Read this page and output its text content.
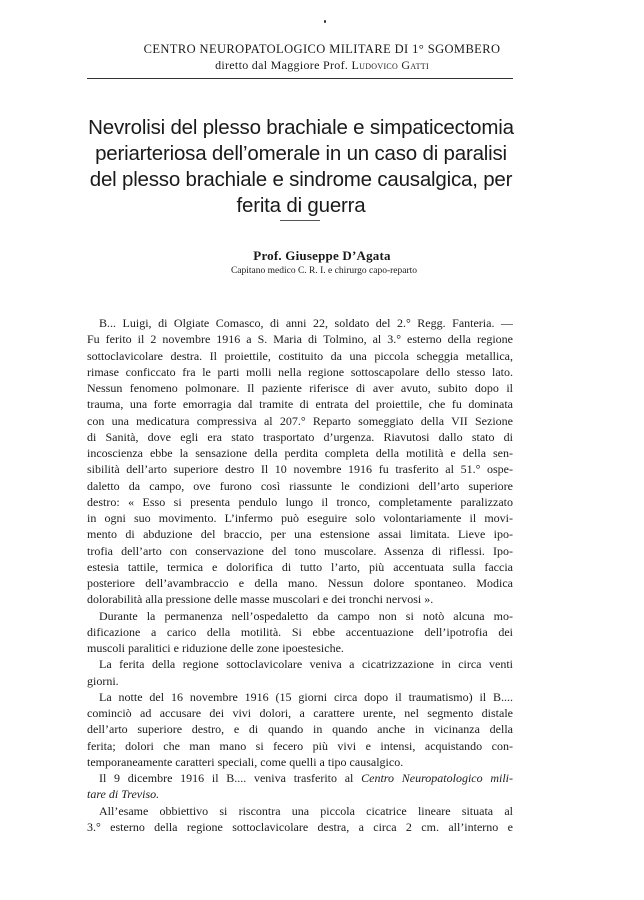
CENTRO NEUROPATOLOGICO MILITARE DI 1° SGOMBERO
diretto dal Maggiore Prof. Ludovico Gatti
Nevrolisi del plesso brachiale e simpaticectomia
periarteriosa dell’omerale in un caso di paralisi
del plesso brachiale e sindrome causalgica, per
ferita di guerra
Prof. Giuseppe D’Agata
Capitano medico C. R. I. e chirurgo capo-reparto
B... Luigi, di Olgiate Comasco, di anni 22, soldato del 2.° Regg. Fanteria. —
Fu ferito il 2 novembre 1916 a S. Maria di Tolmino, al 3.° esterno della regione
sottoclavicolare destra. Il proiettile, costituito da una piccola scheggia metallica,
rimase conficcato fra le parti molli nella regione sottoscapolare dello stesso lato.
Nessun fenomeno polmonare. Il paziente riferisce di aver avuto, subito dopo il
trauma, una forte emorragia dal tramite di entrata del proiettile, che fu dominata
con una medicatura compressiva al 207.° Reparto someggiato della VII Sezione
di Sanità, dove egli era stato trasportato d’urgenza. Riavutosi dallo stato di
incoscienza ebbe la sensazione della perdita completa della motilità e della sen-
sibilità dell’arto superiore destro Il 10 novembre 1916 fu trasferito al 51.° ospe-
daletto da campo, ove furono così riassunte le condizioni dell’arto superiore
destro: « Esso si presenta pendulo lungo il tronco, completamente paralizzato
in ogni suo movimento. L’infermo può eseguire solo volontariamente il movi-
mento di abduzione del braccio, per una estensione assai limitata. Lieve ipo-
trofia dell’arto con conservazione del tono muscolare. Assenza di riflessi. Ipo-
estesia tattile, termica e dolorifica di tutto l’arto, più accentuata sulla faccia
posteriore dell’avambraccio e della mano. Nessun dolore spontaneo. Modica
dolorabilità alla pressione delle masse muscolari e dei tronchi nervosi ».
Durante la permanenza nell’ospedaletto da campo non si notò alcuna mo-
dificazione a carico della motilità. Si ebbe accentuazione dell’ipotrofia dei
muscoli paralitici e riduzione delle zone ipoestesiche.
La ferita della regione sottoclavicolare veniva a cicatrizzazione in circa venti
giorni.
La notte del 16 novembre 1916 (15 giorni circa dopo il traumatismo) il B....
cominciò ad accusare dei vivi dolori, a carattere urente, nel segmento distale
dell’arto superiore destro, e di quando in quando anche in vicinanza della
ferita; dolori che man mano si fecero più vivi e intensi, acquistando con-
temporaneamente caratteri speciali, come quelli a tipo causalgico.
Il 9 dicembre 1916 il B.... veniva trasferito al Centro Neuropatologico mili-
tare di Treviso.
All’esame obbiettivo si riscontra una piccola cicatrice lineare situata al
3.° esterno della regione sottoclavicolare destra, a circa 2 cm. all’interno e
